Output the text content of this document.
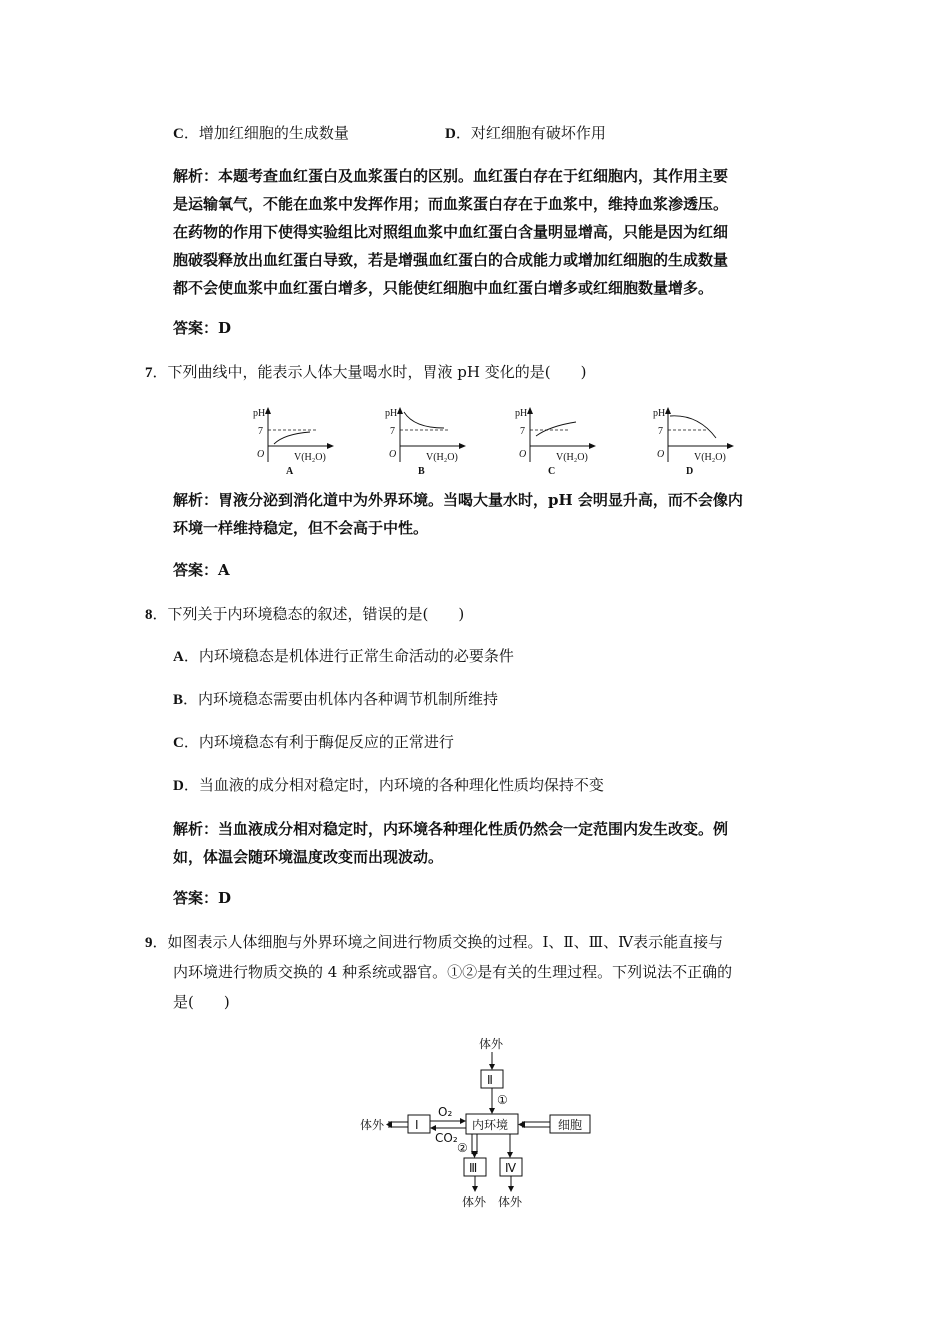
C．增加红细胞的生成数量	D．对红细胞有破坏作用
解析：本题考查血红蛋白及血浆蛋白的区别。血红蛋白存在于红细胞内，其作用主要
是运输氧气，不能在血浆中发挥作用；而血浆蛋白存在于血浆中，维持血浆渗透压。
在药物的作用下使得实验组比对照组血浆中血红蛋白含量明显增高，只能是因为红细
胞破裂释放出血红蛋白导致，若是增强血红蛋白的合成能力或增加红细胞的生成数量
都不会使血浆中血红蛋白增多，只能使红细胞中血红蛋白增多或红细胞数量增多。
答案：D
7．下列曲线中，能表示人体大量喝水时，胃液 pH 变化的是(　　)
pH
7
O	V(H₂O)
A
pH
7
O	V(H₂O)
B
pH
7
O	V(H₂O)
C
pH
7
O	V(H₂O)
D
解析：胃液分泌到消化道中为外界环境。当喝大量水时，pH 会明显升高，而不会像内
环境一样维持稳定，但不会高于中性。
答案：A
8．下列关于内环境稳态的叙述，错误的是(　　)
A．内环境稳态是机体进行正常生命活动的必要条件
B．内环境稳态需要由机体内各种调节机制所维持
C．内环境稳态有利于酶促反应的正常进行
D．当血液的成分相对稳定时，内环境的各种理化性质均保持不变
解析：当血液成分相对稳定时，内环境各种理化性质仍然会一定范围内发生改变。例
如，体温会随环境温度改变而出现波动。
答案：D
9．如图表示人体细胞与外界环境之间进行物质交换的过程。Ⅰ、Ⅱ、Ⅲ、Ⅳ表示能直接与
内环境进行物质交换的 4 种系统或器官。①②是有关的生理过程。下列说法不正确的
是(　　)
体外
Ⅱ
①
体外	Ⅰ
O₂
CO₂
内环境	细胞
②
Ⅲ Ⅳ
体外 体外
